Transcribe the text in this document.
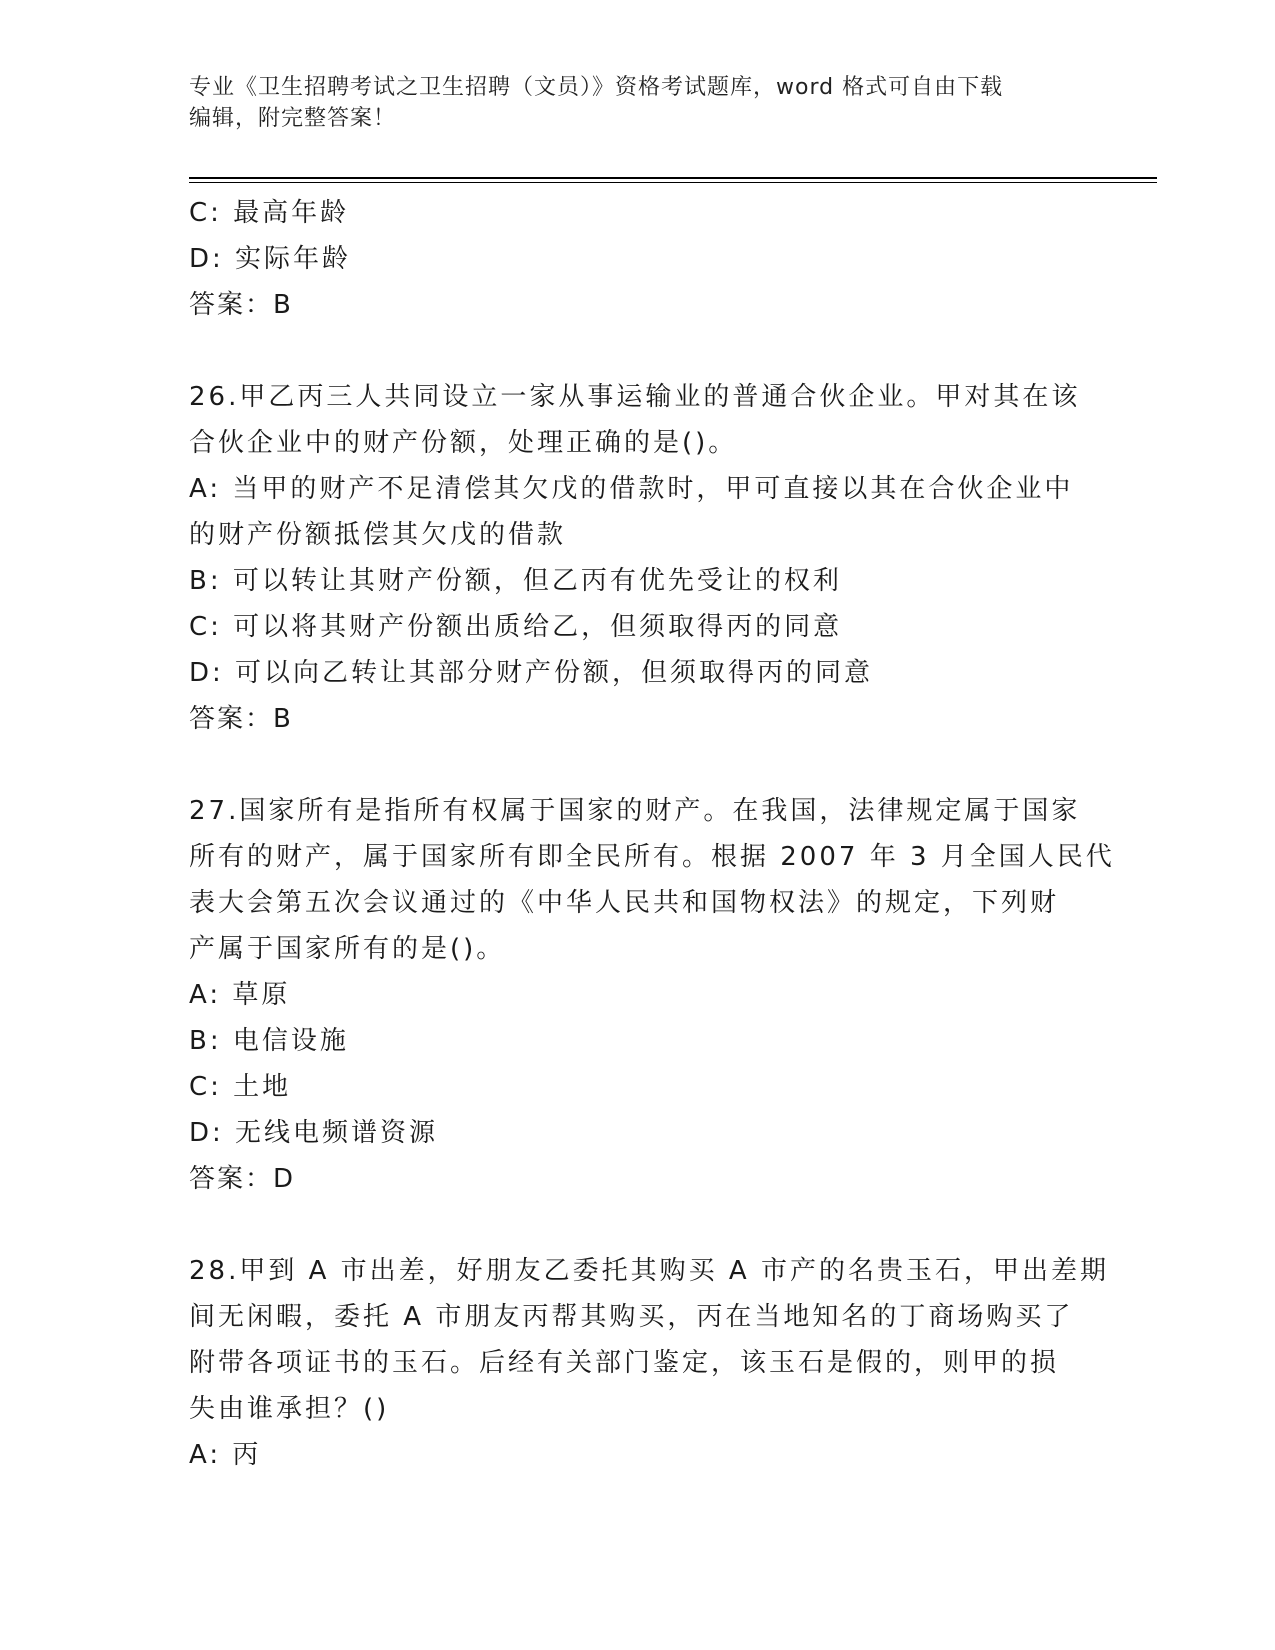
专业《卫生招聘考试之卫生招聘（文员）》资格考试题库，word 格式可自由下载
编辑，附完整答案！
C: 最高年龄
D: 实际年龄
答案：B
26.甲乙丙三人共同设立一家从事运输业的普通合伙企业。甲对其在该
合伙企业中的财产份额，处理正确的是()。
A: 当甲的财产不足清偿其欠戊的借款时，甲可直接以其在合伙企业中
的财产份额抵偿其欠戊的借款
B: 可以转让其财产份额，但乙丙有优先受让的权利
C: 可以将其财产份额出质给乙，但须取得丙的同意
D: 可以向乙转让其部分财产份额，但须取得丙的同意
答案：B
27.国家所有是指所有权属于国家的财产。在我国，法律规定属于国家
所有的财产，属于国家所有即全民所有。根据 2007 年 3 月全国人民代
表大会第五次会议通过的《中华人民共和国物权法》的规定，下列财
产属于国家所有的是()。
A: 草原
B: 电信设施
C: 土地
D: 无线电频谱资源
答案：D
28.甲到 A 市出差，好朋友乙委托其购买 A 市产的名贵玉石，甲出差期
间无闲暇，委托 A 市朋友丙帮其购买，丙在当地知名的丁商场购买了
附带各项证书的玉石。后经有关部门鉴定，该玉石是假的，则甲的损
失由谁承担？()
A: 丙
